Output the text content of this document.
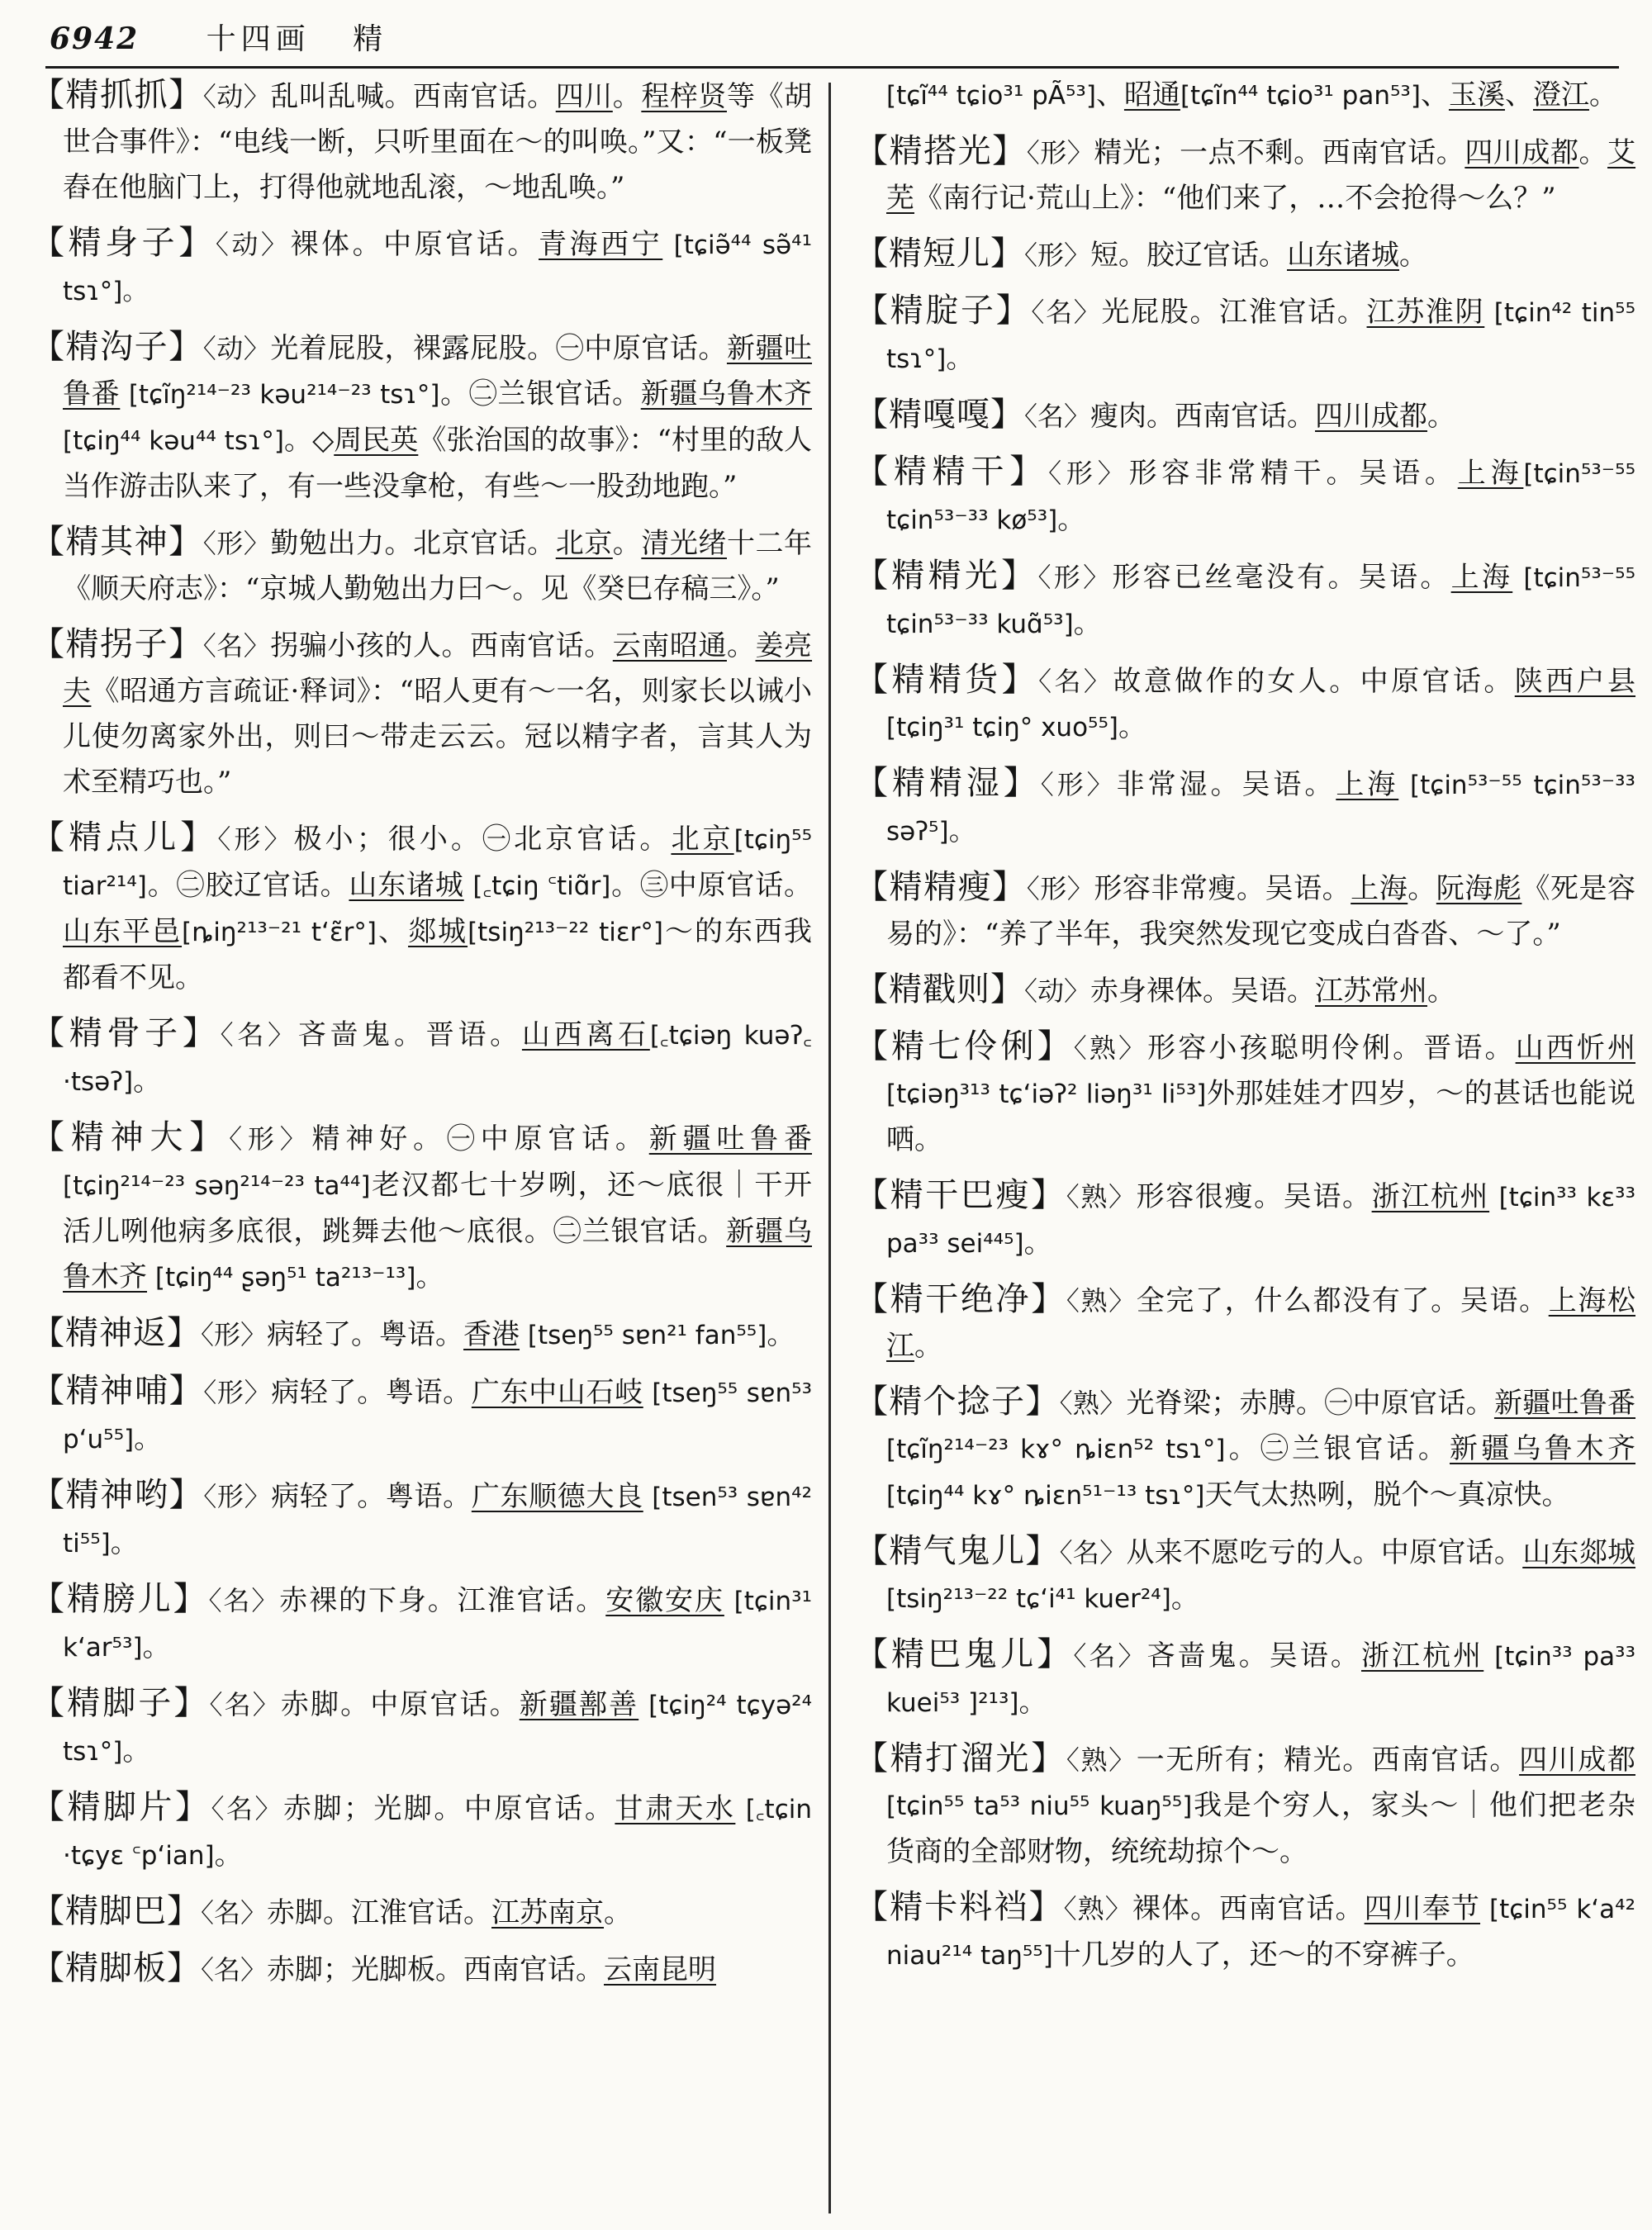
6942 十四画 精
【精抓抓】〈动〉乱叫乱喊。西南官话。四川。程梓贤等《胡世合事件》：“电线一断，只听里面在～的叫唤。”又：“一板凳舂在他脑门上，打得他就地乱滚，～地乱唤。”
【精身子】〈动〉裸体。中原官话。青海西宁 [tɕiə̃⁴⁴ sə̃⁴¹ tsɿ°]。
【精沟子】〈动〉光着屁股，裸露屁股。㊀中原官话。新疆吐鲁番 [tɕĩŋ²¹⁴⁻²³ kəu²¹⁴⁻²³ tsɿ°]。㊁兰银官话。新疆乌鲁木齐 [tɕiŋ⁴⁴ kəu⁴⁴ tsɿ°]。◇周民英《张治国的故事》：“村里的敌人当作游击队来了，有一些没拿枪，有些～一股劲地跑。”
【精其神】〈形〉勤勉出力。北京官话。北京。清光绪十二年《顺天府志》：“京城人勤勉出力曰～。见《癸巳存稿三》。”
【精拐子】〈名〉拐骗小孩的人。西南官话。云南昭通。姜亮夫《昭通方言疏证·释词》：“昭人更有～一名，则家长以诫小儿使勿离家外出，则曰～带走云云。冠以精字者，言其人为术至精巧也。”
【精点儿】〈形〉极小；很小。㊀北京官话。北京[tɕiŋ⁵⁵ tiar²¹⁴]。㊁胶辽官话。山东诸城 [꜀tɕiŋ ꜂tiɑ̃r]。㊂中原官话。山东平邑[ȵiŋ²¹³⁻²¹ tʻɛ̃r°]、郯城[tsiŋ²¹³⁻²² tiɛr°]～的东西我都看不见。
【精骨子】〈名〉吝啬鬼。晋语。山西离石[꜀tɕiəŋ kuəʔ꜀ ·tsəʔ]。
【精神大】〈形〉精神好。㊀中原官话。新疆吐鲁番 [tɕiŋ²¹⁴⁻²³ səŋ²¹⁴⁻²³ ta⁴⁴]老汉都七十岁咧，还～底很｜干开活儿咧他病多底很，跳舞去他～底很。㊁兰银官话。新疆乌鲁木齐 [tɕiŋ⁴⁴ ʂəŋ⁵¹ ta²¹³⁻¹³]。
【精神返】〈形〉病轻了。粤语。香港 [tseŋ⁵⁵ sɐn²¹ fan⁵⁵]。
【精神哺】〈形〉病轻了。粤语。广东中山石岐 [tseŋ⁵⁵ sɐn⁵³ pʻu⁵⁵]。
【精神哟】〈形〉病轻了。粤语。广东顺德大良 [tsen⁵³ sɐn⁴² ti⁵⁵]。
【精膀儿】〈名〉赤裸的下身。江淮官话。安徽安庆 [tɕin³¹ kʻar⁵³]。
【精脚子】〈名〉赤脚。中原官话。新疆鄯善 [tɕiŋ²⁴ tɕyə²⁴ tsɿ°]。
【精脚片】〈名〉赤脚；光脚。中原官话。甘肃天水 [꜀tɕin ·tɕyɛ ꜂pʻian]。
【精脚巴】〈名〉赤脚。江淮官话。江苏南京。
【精脚板】〈名〉赤脚；光脚板。西南官话。云南昆明
[tɕĩ⁴⁴ tɕio³¹ pÃ⁵³]、昭通[tɕĩn⁴⁴ tɕio³¹ pan⁵³]、玉溪、澄江。
【精搭光】〈形〉精光；一点不剩。西南官话。四川成都。艾芜《南行记·荒山上》：“他们来了，…不会抢得～么？”
【精短儿】〈形〉短。胶辽官话。山东诸城。
【精腚子】〈名〉光屁股。江淮官话。江苏淮阴 [tɕin⁴² tin⁵⁵ tsɿ°]。
【精嘎嘎】〈名〉瘦肉。西南官话。四川成都。
【精精干】〈形〉形容非常精干。吴语。上海[tɕin⁵³⁻⁵⁵ tɕin⁵³⁻³³ kø⁵³]。
【精精光】〈形〉形容已丝毫没有。吴语。上海 [tɕin⁵³⁻⁵⁵ tɕin⁵³⁻³³ kuɑ̃⁵³]。
【精精货】〈名〉故意做作的女人。中原官话。陕西户县[tɕiŋ³¹ tɕiŋ° xuo⁵⁵]。
【精精湿】〈形〉非常湿。吴语。上海 [tɕin⁵³⁻⁵⁵ tɕin⁵³⁻³³ səʔ⁵]。
【精精瘦】〈形〉形容非常瘦。吴语。上海。阮海彪《死是容易的》：“养了半年，我突然发现它变成白沓沓、～了。”
【精戳则】〈动〉赤身裸体。吴语。江苏常州。
【精七伶俐】〈熟〉形容小孩聪明伶俐。晋语。山西忻州[tɕiəŋ³¹³ tɕʻiəʔ² liəŋ³¹ li⁵³]外那娃娃才四岁，～的甚话也能说哂。
【精干巴瘦】〈熟〉形容很瘦。吴语。浙江杭州 [tɕin³³ kɛ³³ pa³³ sei⁴⁴⁵]。
【精干绝净】〈熟〉全完了，什么都没有了。吴语。上海松江。
【精个捻子】〈熟〉光脊梁；赤膊。㊀中原官话。新疆吐鲁番[tɕĩŋ²¹⁴⁻²³ kɤ° ȵiɛn⁵² tsɿ°]。㊁兰银官话。新疆乌鲁木齐[tɕiŋ⁴⁴ kɤ° ȵiɛn⁵¹⁻¹³ tsɿ°]天气太热咧，脱个～真凉快。
【精气鬼儿】〈名〉从来不愿吃亏的人。中原官话。山东郯城[tsiŋ²¹³⁻²² tɕʻi⁴¹ kuer²⁴]。
【精巴鬼儿】〈名〉吝啬鬼。吴语。浙江杭州 [tɕin³³ pa³³ kuei⁵³ ]²¹³]。
【精打溜光】〈熟〉一无所有；精光。西南官话。四川成都[tɕin⁵⁵ ta⁵³ niu⁵⁵ kuaŋ⁵⁵]我是个穷人，家头～｜他们把老杂货商的全部财物，统统劫掠个～。
【精卡料裆】〈熟〉裸体。西南官话。四川奉节 [tɕin⁵⁵ kʻa⁴² niau²¹⁴ taŋ⁵⁵]十几岁的人了，还～的不穿裤子。
